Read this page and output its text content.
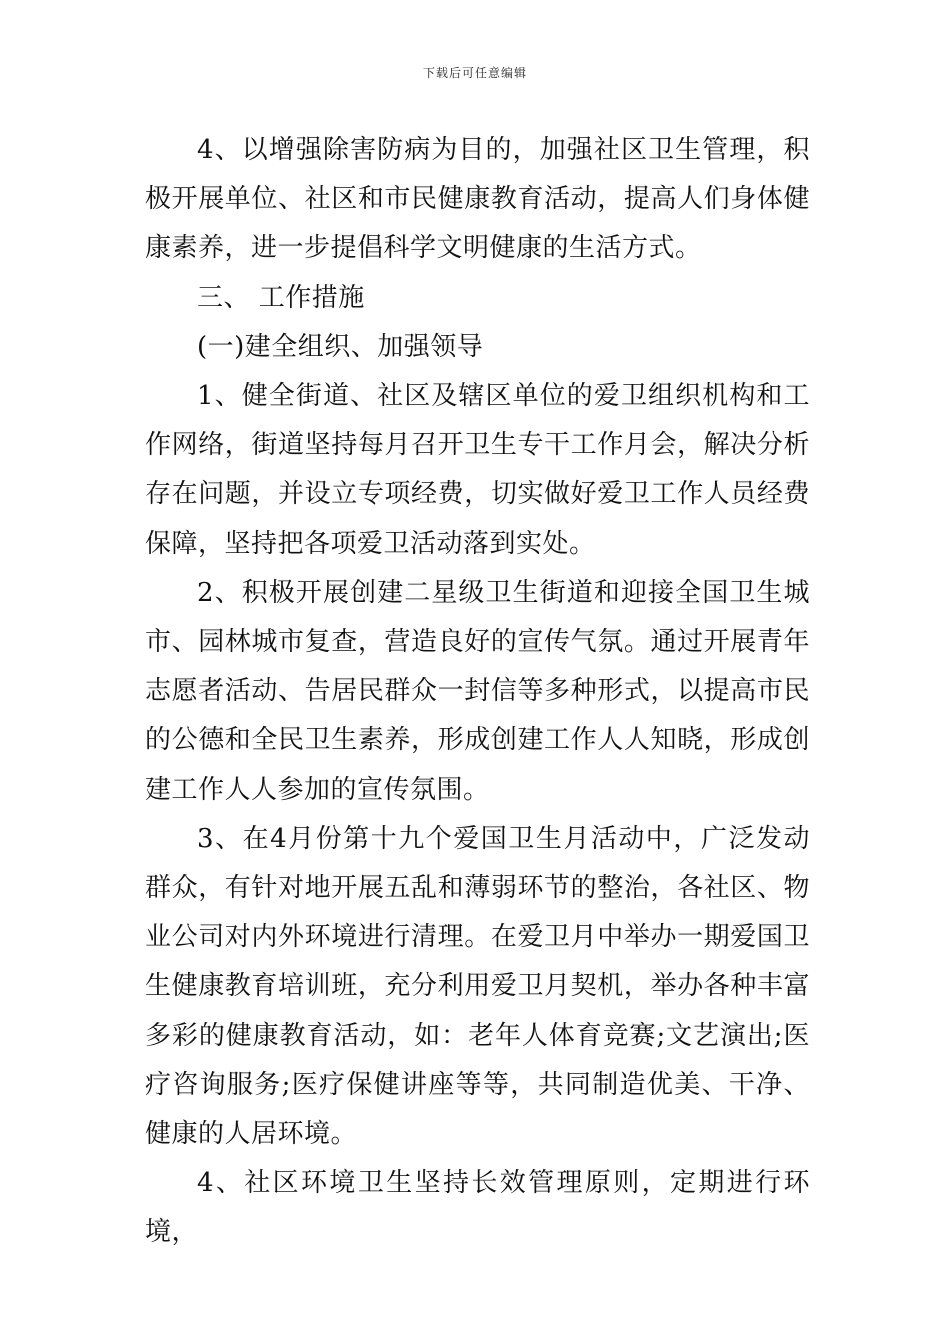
下载后可任意编辑

4、以增强除害防病为目的，加强社区卫生管理，积极开展单位、社区和市民健康教育活动，提高人们身体健康素养，进一步提倡科学文明健康的生活方式。

三、 工作措施

(一)建全组织、加强领导

1、健全街道、社区及辖区单位的爱卫组织机构和工作网络，街道坚持每月召开卫生专干工作月会，解决分析存在问题，并设立专项经费，切实做好爱卫工作人员经费保障，坚持把各项爱卫活动落到实处。

2、积极开展创建二星级卫生街道和迎接全国卫生城市、园林城市复查，营造良好的宣传气氛。通过开展青年志愿者活动、告居民群众一封信等多种形式，以提高市民的公德和全民卫生素养，形成创建工作人人知晓，形成创建工作人人参加的宣传氛围。

3、在4月份第十九个爱国卫生月活动中，广泛发动群众，有针对地开展五乱和薄弱环节的整治，各社区、物业公司对内外环境进行清理。在爱卫月中举办一期爱国卫生健康教育培训班，充分利用爱卫月契机，举办各种丰富多彩的健康教育活动，如：老年人体育竞赛;文艺演出;医疗咨询服务;医疗保健讲座等等，共同制造优美、干净、健康的人居环境。

4、社区环境卫生坚持长效管理原则，定期进行环境，
